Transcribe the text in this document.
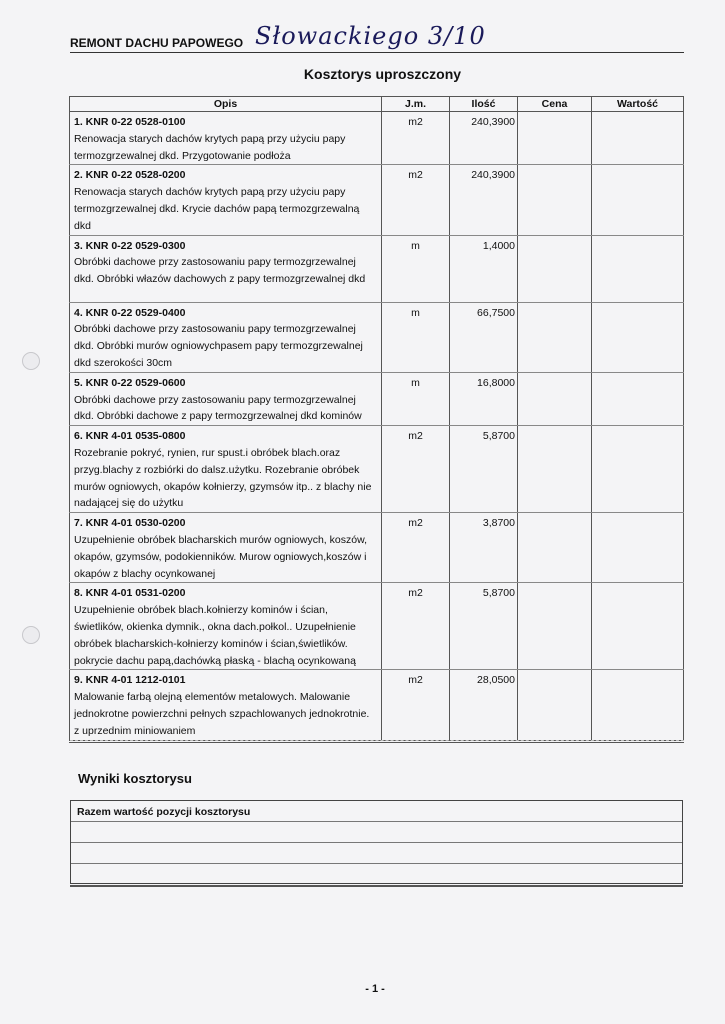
REMONT DACHU PAPOWEGO Słowackiego 3/10
Kosztorys uproszczony
Opis	J.m.	Ilość	Cena	Wartość

1. KNR 0-22 0528-0100
Renowacja starych dachów krytych papą przy użyciu papy termozgrzewalnej dkd. Przygotowanie podłoża	m2	240,3900		

2. KNR 0-22 0528-0200
Renowacja starych dachów krytych papą przy użyciu papy termozgrzewalnej dkd. Krycie dachów papą termozgrzewalną dkd	m2	240,3900		

3. KNR 0-22 0529-0300
Obróbki dachowe przy zastosowaniu papy termozgrzewalnej dkd. Obróbki włazów dachowych z papy termozgrzewalnej dkd	m	1,4000		

4. KNR 0-22 0529-0400
Obróbki dachowe przy zastosowaniu papy termozgrzewalnej dkd. Obróbki murów ogniowychpasem papy termozgrzewalnej dkd szerokości 30cm	m	66,7500		

5. KNR 0-22 0529-0600
Obróbki dachowe przy zastosowaniu papy termozgrzewalnej dkd. Obróbki dachowe z papy termozgrzewalnej dkd kominów	m	16,8000		

6. KNR 4-01 0535-0800
Rozebranie pokryć, rynien, rur spust.i obróbek blach.oraz przyg.blachy z rozbiórki do dalsz.użytku. Rozebranie obróbek murów ogniowych, okapów kołnierzy, gzymsów itp.. z blachy nie nadającej się do użytku	m2	5,8700		

7. KNR 4-01 0530-0200
Uzupełnienie obróbek blacharskich murów ogniowych, koszów, okapów, gzymsów, podokienników. Murow ogniowych,koszów i okapów z blachy ocynkowanej	m2	3,8700		

8. KNR 4-01 0531-0200
Uzupełnienie obróbek blach.kołnierzy kominów i ścian, świetlików, okienka dymnik., okna dach.połkol.. Uzupełnienie obróbek blacharskich-kołnierzy kominów i ścian,świetlików. pokrycie dachu papą,dachówką płaską - blachą ocynkowaną	m2	5,8700		

9. KNR 4-01 1212-0101
Malowanie farbą olejną elementów metalowych. Malowanie jednokrotne powierzchni pełnych szpachlowanych jednokrotnie. z uprzednim miniowaniem	m2	28,0500		
Wyniki kosztorysu
Razem wartość pozycji kosztorysu
- 1 -
